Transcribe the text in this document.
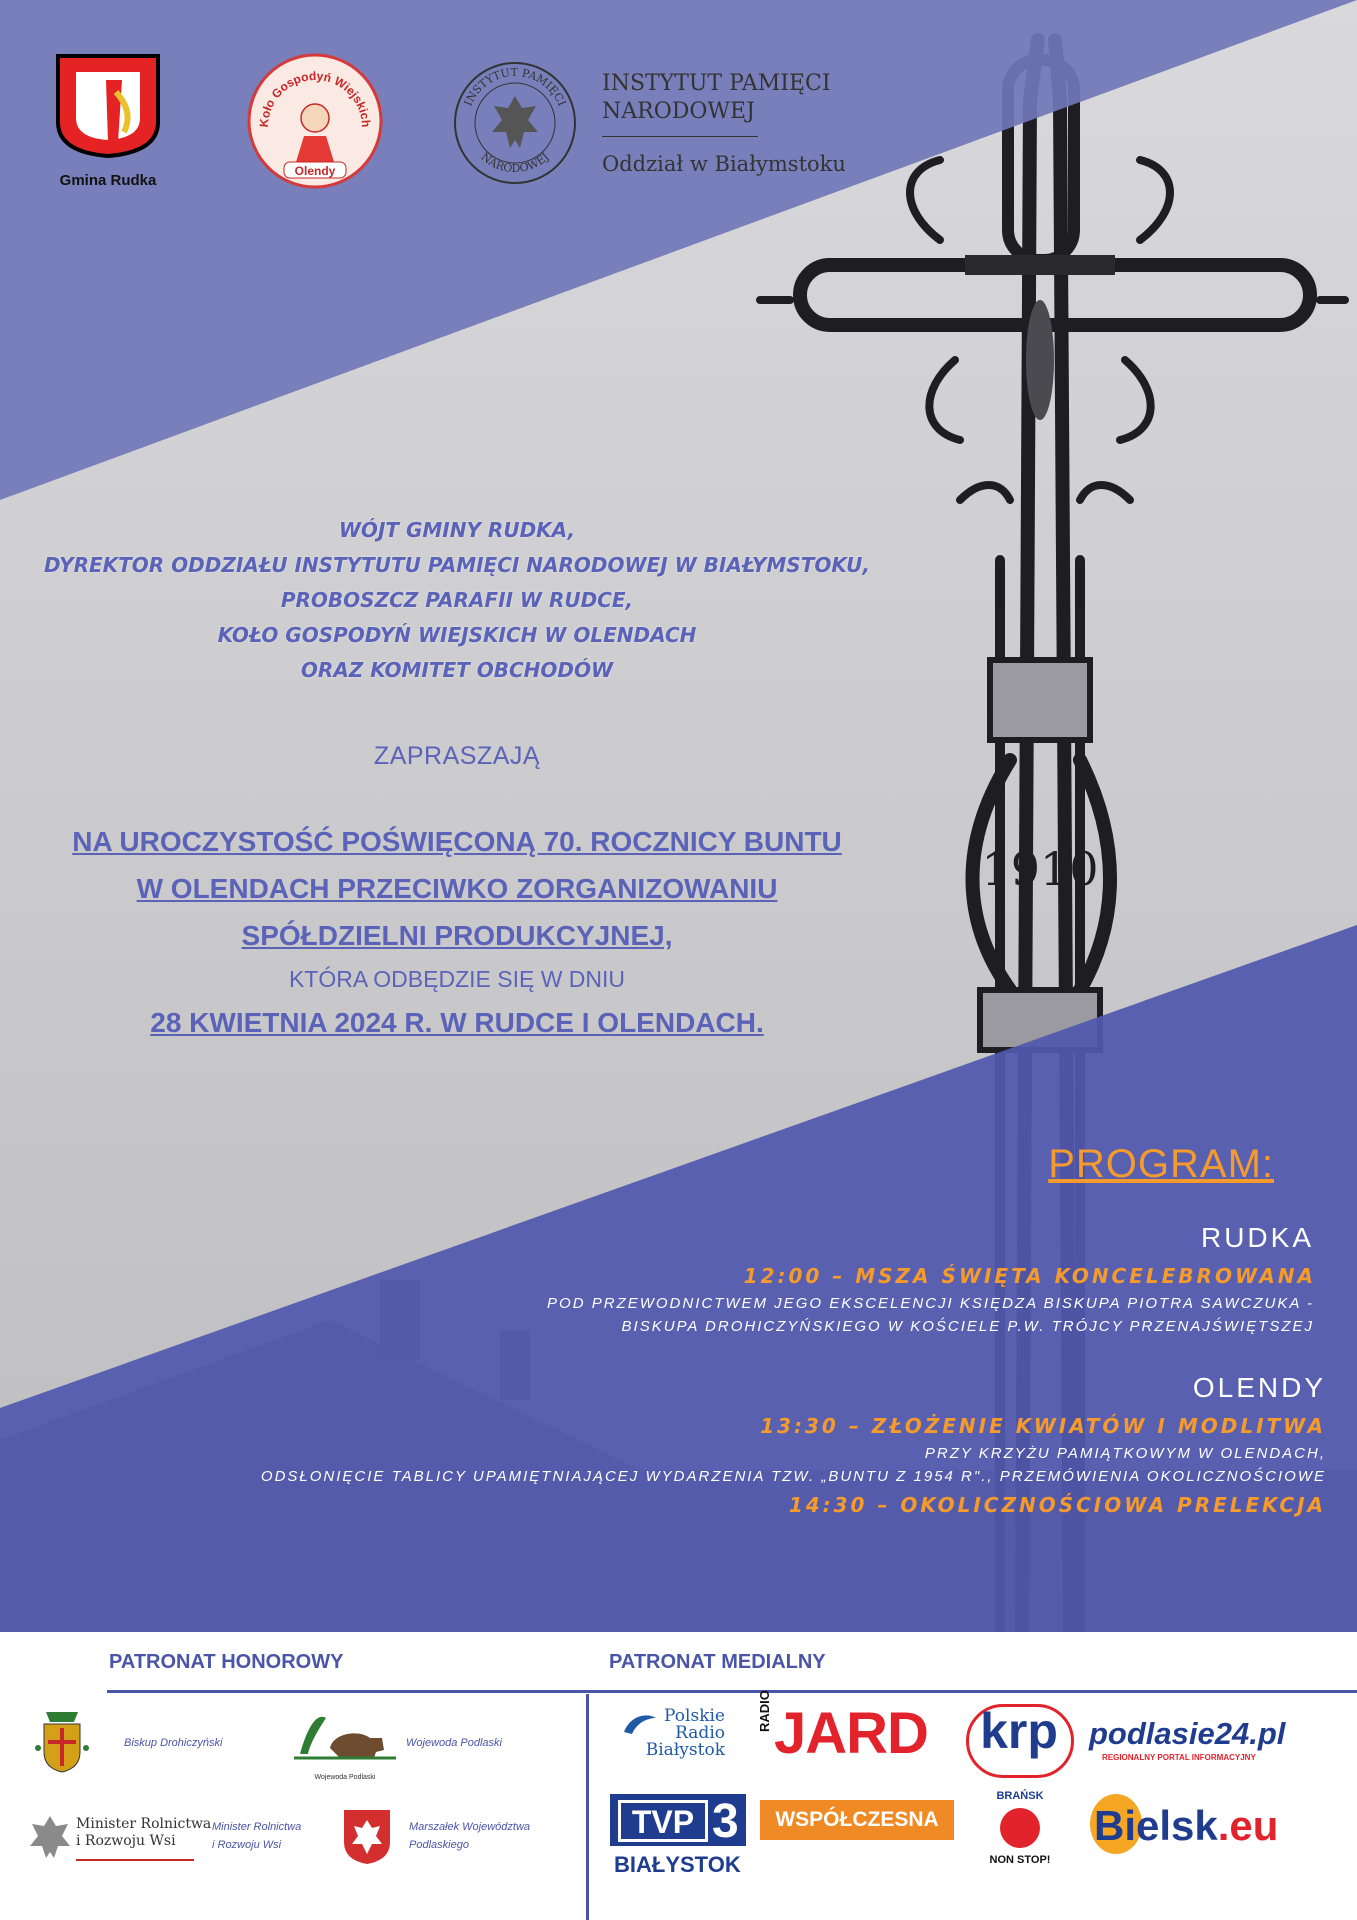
1910
Gmina Rudka
Koło Gospodyń Wiejskich
Olendy
INSTYTUT PAMIĘCI
NARODOWEJ
INSTYTUT PAMIĘCI
NARODOWEJ
Oddział w Białymstoku
WÓJT GMINY RUDKA,
DYREKTOR ODDZIAŁU INSTYTUTU PAMIĘCI NARODOWEJ W BIAŁYMSTOKU,
PROBOSZCZ PARAFII W RUDCE,
KOŁO GOSPODYŃ WIEJSKICH W OLENDACH
ORAZ KOMITET OBCHODÓW
ZAPRASZAJĄ
NA UROCZYSTOŚĆ POŚWIĘCONĄ 70. ROCZNICY BUNTU
W OLENDACH PRZECIWKO ZORGANIZOWANIU
SPÓŁDZIELNI PRODUKCYJNEJ,
KTÓRA ODBĘDZIE SIĘ W DNIU
28 KWIETNIA 2024 R. W RUDCE I OLENDACH.
PROGRAM:
RUDKA
12:00 – MSZA ŚWIĘTA KONCELEBROWANA
POD PRZEWODNICTWEM JEGO EKSCELENCJI KSIĘDZA BISKUPA PIOTRA SAWCZUKA -
BISKUPA DROHICZYŃSKIEGO W KOŚCIELE P.W. TRÓJCY PRZENAJŚWIĘTSZEJ
OLENDY
13:30 – ZŁOŻENIE KWIATÓW I MODLITWA
PRZY KRZYŻU PAMIĄTKOWYM W OLENDACH,
ODSŁONIĘCIE TABLICY UPAMIĘTNIAJĄCEJ WYDARZENIA TZW. „BUNTU Z 1954 R"., PRZEMÓWIENIA OKOLICZNOŚCIOWE
14:30 – OKOLICZNOŚCIOWA PRELEKCJA
PATRONAT HONOROWY	PATRONAT MEDIALNY
Biskup Drohiczyński
Wojewoda Podlaski
Wojewoda Podlaski
Minister Rolnictwa
i Rozwoju Wsi
Minister Rolnictwa
i Rozwoju Wsi
Marszałek Województwa
Podlaskiego
Polskie
Radio
Białystok
RADIO JARD krp	podlasie24.pl
REGIONALNY PORTAL INFORMACYJNY
TVP 3
BIAŁYSTOK
WSPÓŁCZESNA
BRAŃSK
NON STOP!
Bielsk.eu
